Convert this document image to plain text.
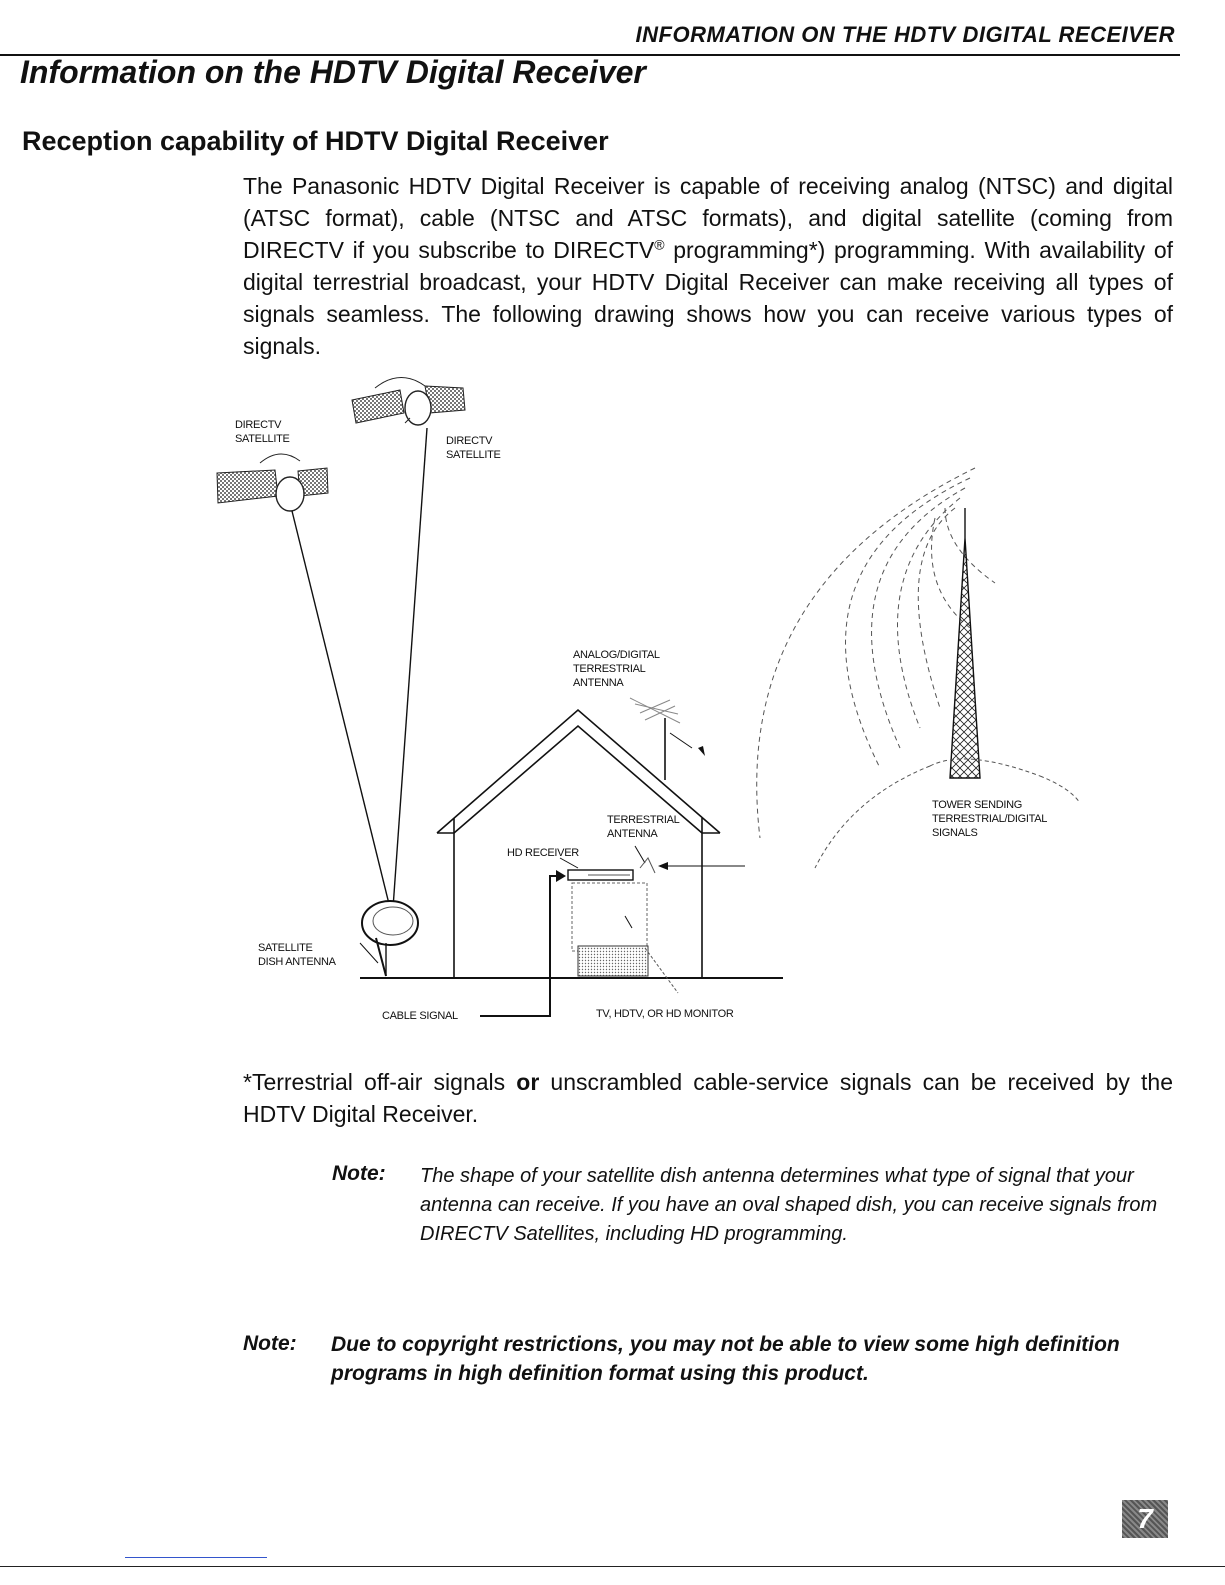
INFORMATION ON THE HDTV DIGITAL RECEIVER
Information on the HDTV Digital Receiver
Reception capability of HDTV Digital Receiver

The Panasonic HDTV Digital Receiver is capable of receiving analog (NTSC) and digital (ATSC format), cable (NTSC and ATSC formats), and digital satellite (coming from DIRECTV if you subscribe to DIRECTV® programming*) programming. With availability of digital terrestrial broadcast, your HDTV Digital Receiver can make receiving all types of signals seamless. The following drawing shows how you can receive various types of signals.

DIRECTV SATELLITE	DIRECTV SATELLITE
SATELLITE DISH ANTENNA
ANALOG/DIGITAL TERRESTRIAL ANTENNA
TERRESTRIAL ANTENNA
HD RECEIVER
CABLE SIGNAL	TV, HDTV, OR HD MONITOR
TOWER SENDING TERRESTRIAL/DIGITAL SIGNALS

*Terrestrial off-air signals or unscrambled cable-service signals can be received by the HDTV Digital Receiver.

Note: The shape of your satellite dish antenna determines what type of signal that your antenna can receive. If you have an oval shaped dish, you can receive signals from DIRECTV Satellites, including HD programming.
Note: Due to copyright restrictions, you may not be able to view some high definition programs in high definition format using this product.
7
